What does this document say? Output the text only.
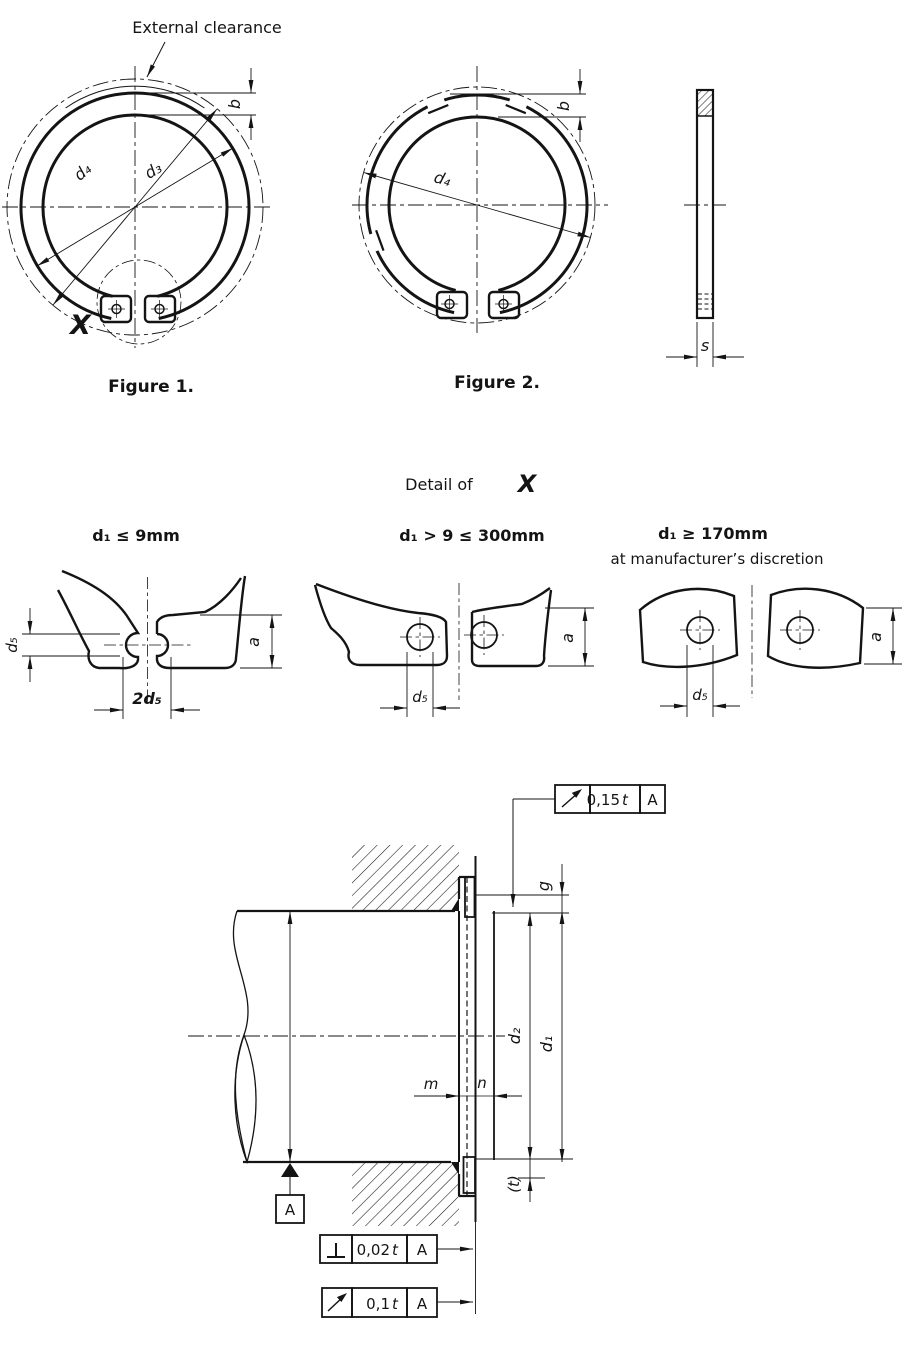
X
d₄	d₃
b
External clearance
Figure 1.
d₄
b
Figure 2.
s
Detail of X
d₁ ≤ 9mm
2d₅
d₅	a
d₁ > 9 ≤ 300mm
d₅
a
d₁ ≥ 170mm
at manufacturer’s discretion
d₅
a
g
d₁
d₂
(t)
m	n
A
0,15 t A
0,02 t A
0,1 t A
